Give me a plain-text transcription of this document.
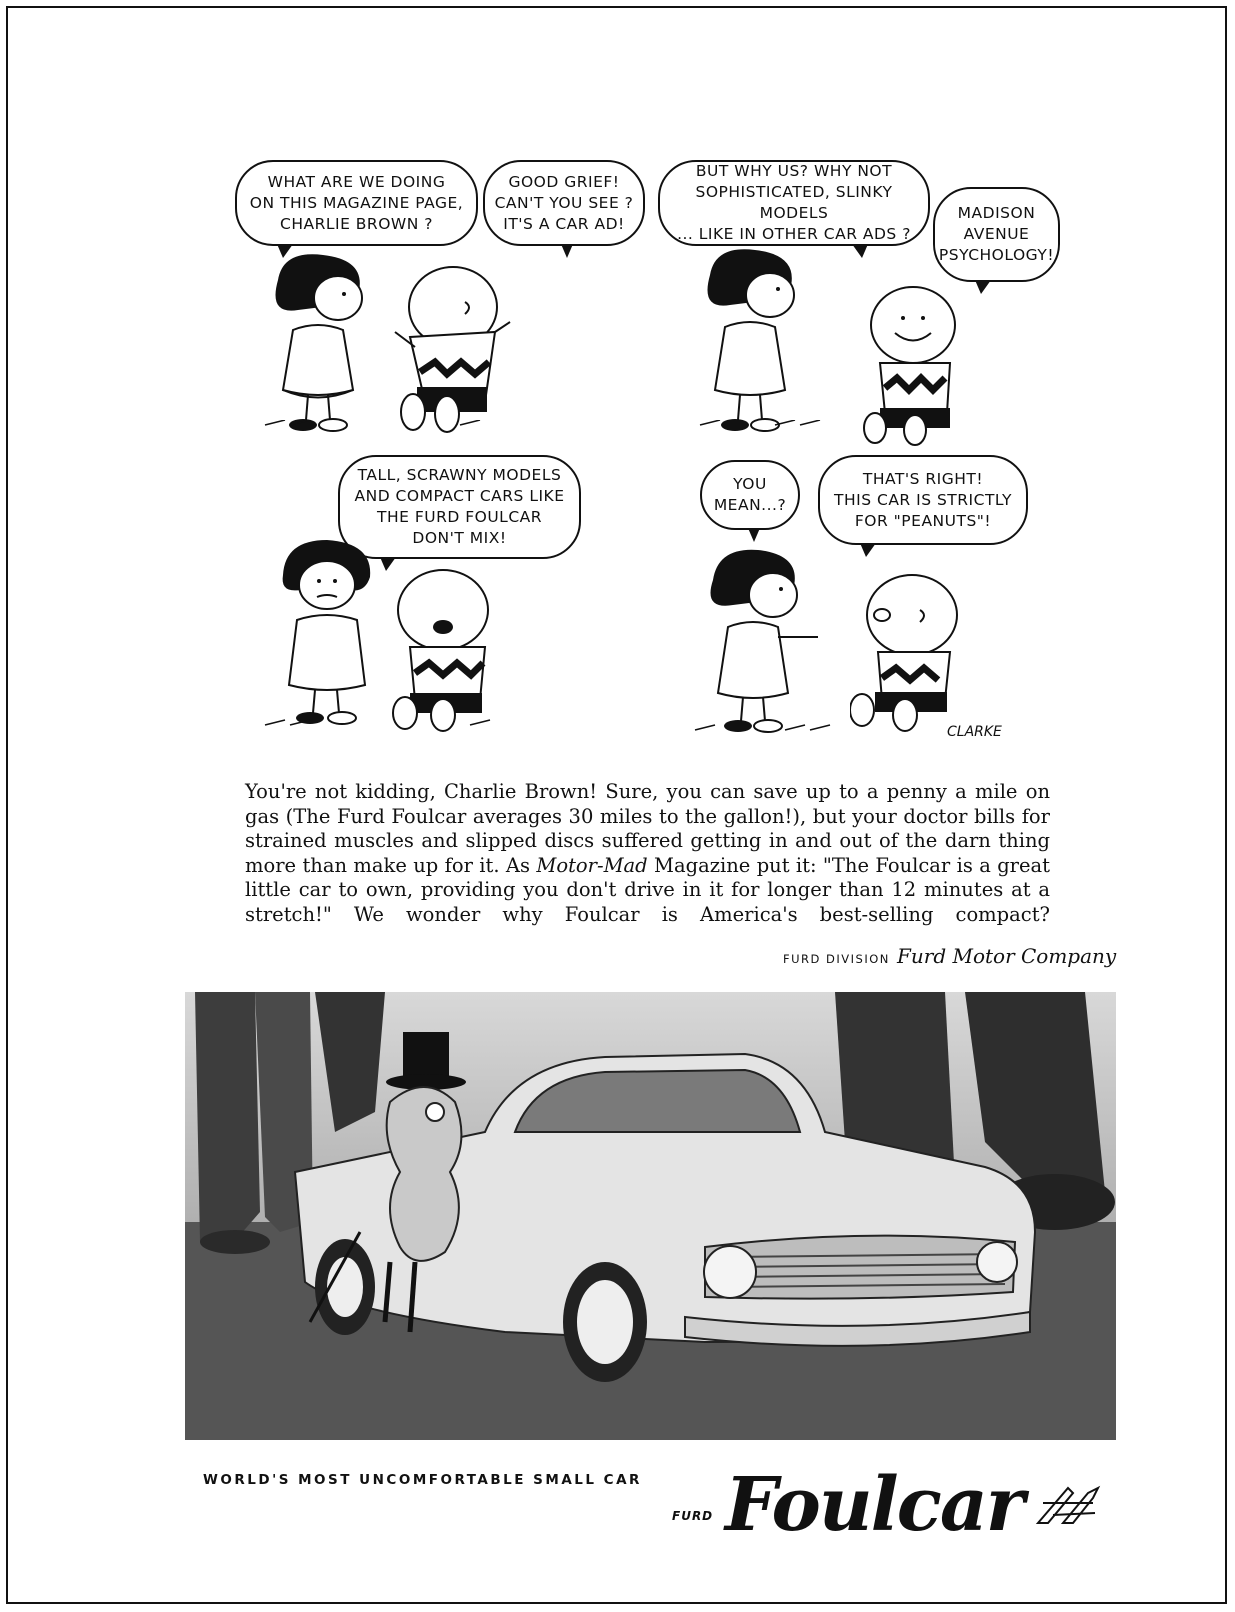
WHAT ARE WE DOING
ON THIS MAGAZINE PAGE,
CHARLIE BROWN ?
GOOD GRIEF!
CAN'T YOU SEE ?
IT'S A CAR AD!
BUT WHY US? WHY NOT
SOPHISTICATED, SLINKY MODELS
... LIKE IN OTHER CAR ADS ?
MADISON
AVENUE
PSYCHOLOGY!
TALL, SCRAWNY MODELS
AND COMPACT CARS LIKE
THE FURD FOULCAR
DON'T MIX!
YOU
MEAN...?
THAT'S RIGHT!
THIS CAR IS STRICTLY
FOR "PEANUTS"!
CLARKE

You're not kidding, Charlie Brown! Sure, you can save up to a penny a mile on gas (The Furd Foulcar averages 30 miles to the gallon!), but your doctor bills for strained muscles and slipped discs suffered getting in and out of the darn thing more than make up for it. As Motor-Mad Magazine put it: "The Foulcar is a great little car to own, providing you don't drive in it for longer than 12 minutes at a stretch!" We wonder why Foulcar is America's best-selling compact?

FURD DIVISION Furd Motor Company
WORLD'S MOST UNCOMFORTABLE SMALL CAR
FURD Foulcar
